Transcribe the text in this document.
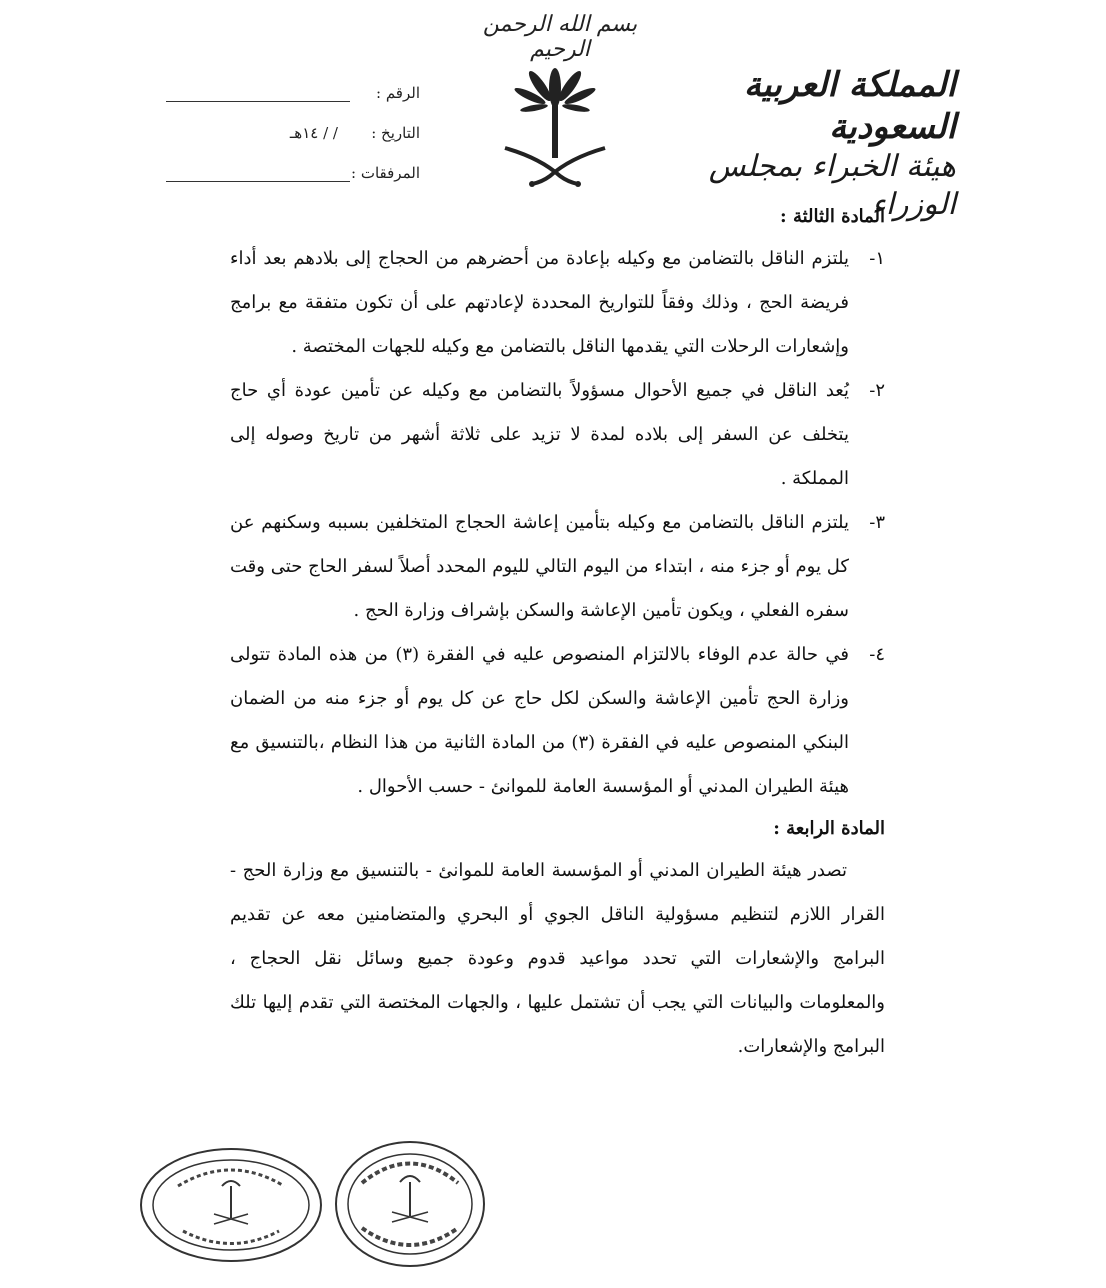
بسم الله الرحمن الرحيم
المملكة العربية السعودية
هيئة الخبراء بمجلس الوزراء
الرقم :
التاريخ :
/ / ١٤هـ
المرفقات :
المادة الثالثة :
١-
يلتزم الناقل بالتضامن مع وكيله بإعادة من أحضرهم من الحجاج إلى بلادهم بعد أداء فريضة الحج ، وذلك وفقاً للتواريخ المحددة لإعادتهم على أن تكون متفقة مع برامج وإشعارات الرحلات التي يقدمها الناقل بالتضامن مع وكيله للجهات المختصة .
٢-
يُعد الناقل في جميع الأحوال مسؤولاً بالتضامن مع وكيله عن تأمين عودة أي حاج يتخلف عن السفر إلى بلاده لمدة لا تزيد على ثلاثة أشهر من تاريخ وصوله إلى المملكة .
٣-
يلتزم الناقل بالتضامن مع وكيله بتأمين إعاشة الحجاج المتخلفين بسببه وسكنهم عن كل يوم أو جزء منه ، ابتداء من اليوم التالي لليوم المحدد أصلاً لسفر الحاج حتى وقت سفره الفعلي ، ويكون تأمين الإعاشة والسكن بإشراف وزارة الحج .
٤-
في حالة عدم الوفاء بالالتزام المنصوص عليه في الفقرة (٣) من هذه المادة تتولى وزارة الحج تأمين الإعاشة والسكن لكل حاج عن كل يوم أو جزء منه من الضمان البنكي المنصوص عليه في الفقرة (٣) من المادة الثانية من هذا النظام ،بالتنسيق مع هيئة الطيران المدني أو المؤسسة العامة للموانئ - حسب الأحوال .
المادة الرابعة :
تصدر هيئة الطيران المدني أو المؤسسة العامة للموانئ - بالتنسيق مع وزارة الحج - القرار اللازم لتنظيم مسؤولية الناقل الجوي أو البحري والمتضامنين معه عن تقديم البرامج والإشعارات التي تحدد مواعيد قدوم وعودة جميع وسائل نقل الحجاج ، والمعلومات والبيانات التي يجب أن تشتمل عليها ، والجهات المختصة التي تقدم إليها تلك البرامج والإشعارات.
